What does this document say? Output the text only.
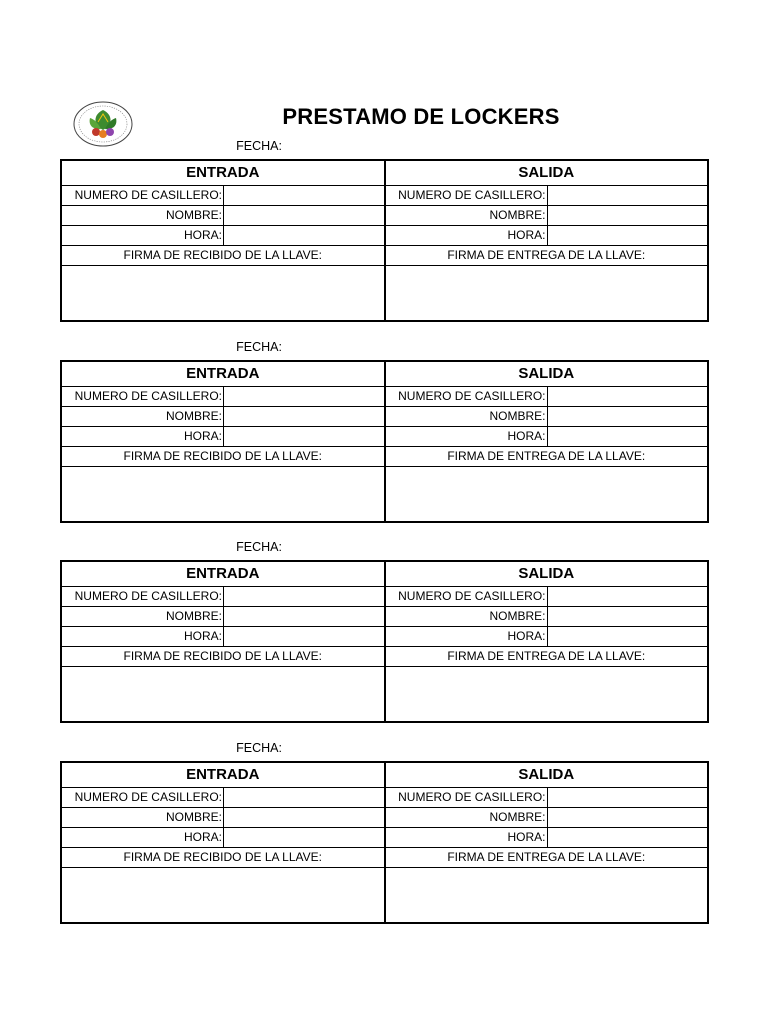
PRESTAMO DE LOCKERS
FECHA:
ENTRADA
NUMERO DE CASILLERO:
NOMBRE:
HORA:
FIRMA DE RECIBIDO DE LA LLAVE:
SALIDA
NUMERO DE CASILLERO:
NOMBRE:
HORA:
FIRMA DE ENTREGA DE LA LLAVE:
FECHA:
ENTRADA
NUMERO DE CASILLERO:
NOMBRE:
HORA:
FIRMA DE RECIBIDO DE LA LLAVE:
SALIDA
NUMERO DE CASILLERO:
NOMBRE:
HORA:
FIRMA DE ENTREGA DE LA LLAVE:
FECHA:
ENTRADA
NUMERO DE CASILLERO:
NOMBRE:
HORA:
FIRMA DE RECIBIDO DE LA LLAVE:
SALIDA
NUMERO DE CASILLERO:
NOMBRE:
HORA:
FIRMA DE ENTREGA DE LA LLAVE:
FECHA:
ENTRADA
NUMERO DE CASILLERO:
NOMBRE:
HORA:
FIRMA DE RECIBIDO DE LA LLAVE:
SALIDA
NUMERO DE CASILLERO:
NOMBRE:
HORA:
FIRMA DE ENTREGA DE LA LLAVE:
